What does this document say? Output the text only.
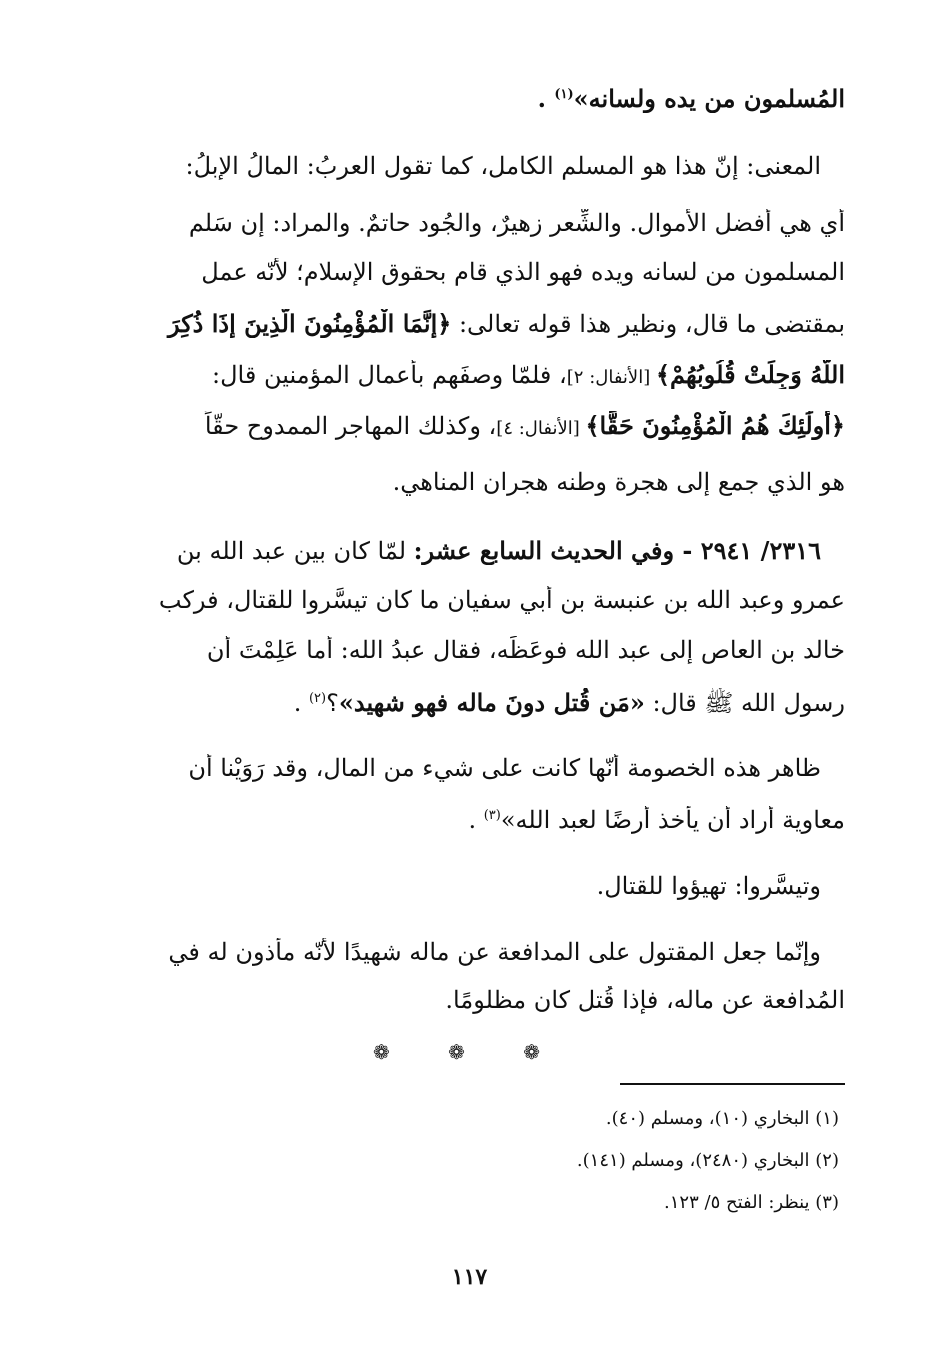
المُسلمون من يده ولسانه»$^{(١)}$ .
المعنى: إنّ هذا هو المسلم الكامل، كما تقول العربُ: المالُ الإبلُ:
أي هي أفضل الأموال. والشِّعر زهيرٌ، والجُود حاتمٌ. والمراد: إن سَلم
المسلمون من لسانه ويده فهو الذي قام بحقوق الإسلام؛ لأنّه عمل
بمقتضى ما قال، ونظير هذا قوله تعالى: ﴿إِنَّمَا الْمُؤْمِنُونَ الَّذِينَ إِذَا ذُكِرَ
اللَّهُ وَجِلَتْ قُلُوبُهُمْ﴾ [الأنفال: ٢]، فلمّا وصفَهم بأعمال المؤمنين قال:
﴿أُولَٰئِكَ هُمُ الْمُؤْمِنُونَ حَقًّا﴾ [الأنفال: ٤]، وكذلك المهاجر الممدوح حقّاً
هو الذي جمع إلى هجرة وطنه هجران المناهي.
٢٣١٦/ ٢٩٤١ - وفي الحديث السابع عشر: لمّا كان بين عبد الله بن
عمرو وعبد الله بن عنبسة بن أبي سفيان ما كان تيسَّروا للقتال، فركب
خالد بن العاص إلى عبد الله فوعَظَه، فقال عبدُ الله: أما عَلِمْتَ أن
رسول الله ﷺ قال: «مَن قُتل دونَ ماله فهو شهيد»؟$^{(٢)}$ .
ظاهر هذه الخصومة أنّها كانت على شيء من المال، وقد رَوَيْنا أن
معاوية أراد أن يأخذ أرضًا لعبد الله»$^{(٣)}$ .
وتيسَّروا: تهيؤوا للقتال.
وإنّما جعل المقتول على المدافعة عن ماله شهيدًا لأنّه مأذون له في
المُدافعة عن ماله، فإذا قُتل كان مظلومًا.
❁ ❁ ❁
(١) البخاري (١٠)، ومسلم (٤٠).
(٢) البخاري (٢٤٨٠)، ومسلم (١٤١).
(٣) ينظر: الفتح ٥/ ١٢٣.
١١٧
